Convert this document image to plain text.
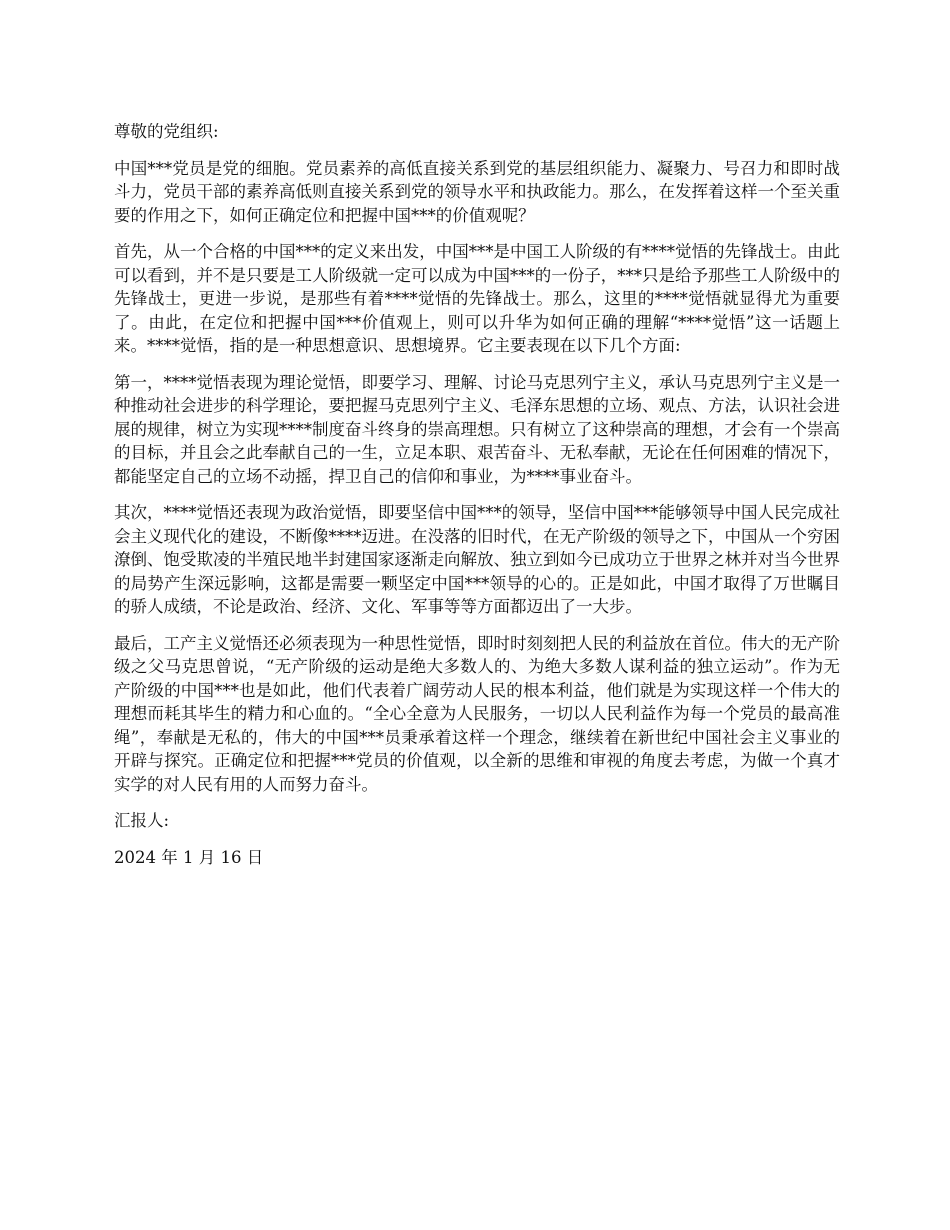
尊敬的党组织:

中国***党员是党的细胞。党员素养的高低直接关系到党的基层组织能力、凝聚力、号召力和即时战斗力，党员干部的素养高低则直接关系到党的领导水平和执政能力。那么，在发挥着这样一个至关重要的作用之下，如何正确定位和把握中国***的价值观呢？

首先，从一个合格的中国***的定义来出发，中国***是中国工人阶级的有****觉悟的先锋战士。由此可以看到，并不是只要是工人阶级就一定可以成为中国***的一份子，***只是给予那些工人阶级中的先锋战士，更进一步说，是那些有着****觉悟的先锋战士。那么，这里的****觉悟就显得尤为重要了。由此，在定位和把握中国***价值观上，则可以升华为如何正确的理解“****觉悟”这一话题上来。****觉悟，指的是一种思想意识、思想境界。它主要表现在以下几个方面:

第一，****觉悟表现为理论觉悟，即要学习、理解、讨论马克思列宁主义，承认马克思列宁主义是一种推动社会进步的科学理论，要把握马克思列宁主义、毛泽东思想的立场、观点、方法，认识社会进展的规律，树立为实现****制度奋斗终身的崇高理想。只有树立了这种崇高的理想，才会有一个崇高的目标，并且会之此奉献自己的一生，立足本职、艰苦奋斗、无私奉献，无论在任何困难的情况下，都能坚定自己的立场不动摇，捍卫自己的信仰和事业，为****事业奋斗。

其次，****觉悟还表现为政治觉悟，即要坚信中国***的领导，坚信中国***能够领导中国人民完成社会主义现代化的建设，不断像****迈进。在没落的旧时代，在无产阶级的领导之下，中国从一个穷困潦倒、饱受欺凌的半殖民地半封建国家逐渐走向解放、独立到如今已成功立于世界之林并对当今世界的局势产生深远影响，这都是需要一颗坚定中国***领导的心的。正是如此，中国才取得了万世瞩目的骄人成绩，不论是政治、经济、文化、军事等等方面都迈出了一大步。

最后，工产主义觉悟还必须表现为一种思性觉悟，即时时刻刻把人民的利益放在首位。伟大的无产阶级之父马克思曾说，“无产阶级的运动是绝大多数人的、为绝大多数人谋利益的独立运动”。作为无产阶级的中国***也是如此，他们代表着广阔劳动人民的根本利益，他们就是为实现这样一个伟大的理想而耗其毕生的精力和心血的。“全心全意为人民服务，一切以人民利益作为每一个党员的最高准绳”，奉献是无私的，伟大的中国***员秉承着这样一个理念，继续着在新世纪中国社会主义事业的开辟与探究。正确定位和把握***党员的价值观，以全新的思维和审视的角度去考虑，为做一个真才实学的对人民有用的人而努力奋斗。

汇报人:

2024 年 1 月 16 日
